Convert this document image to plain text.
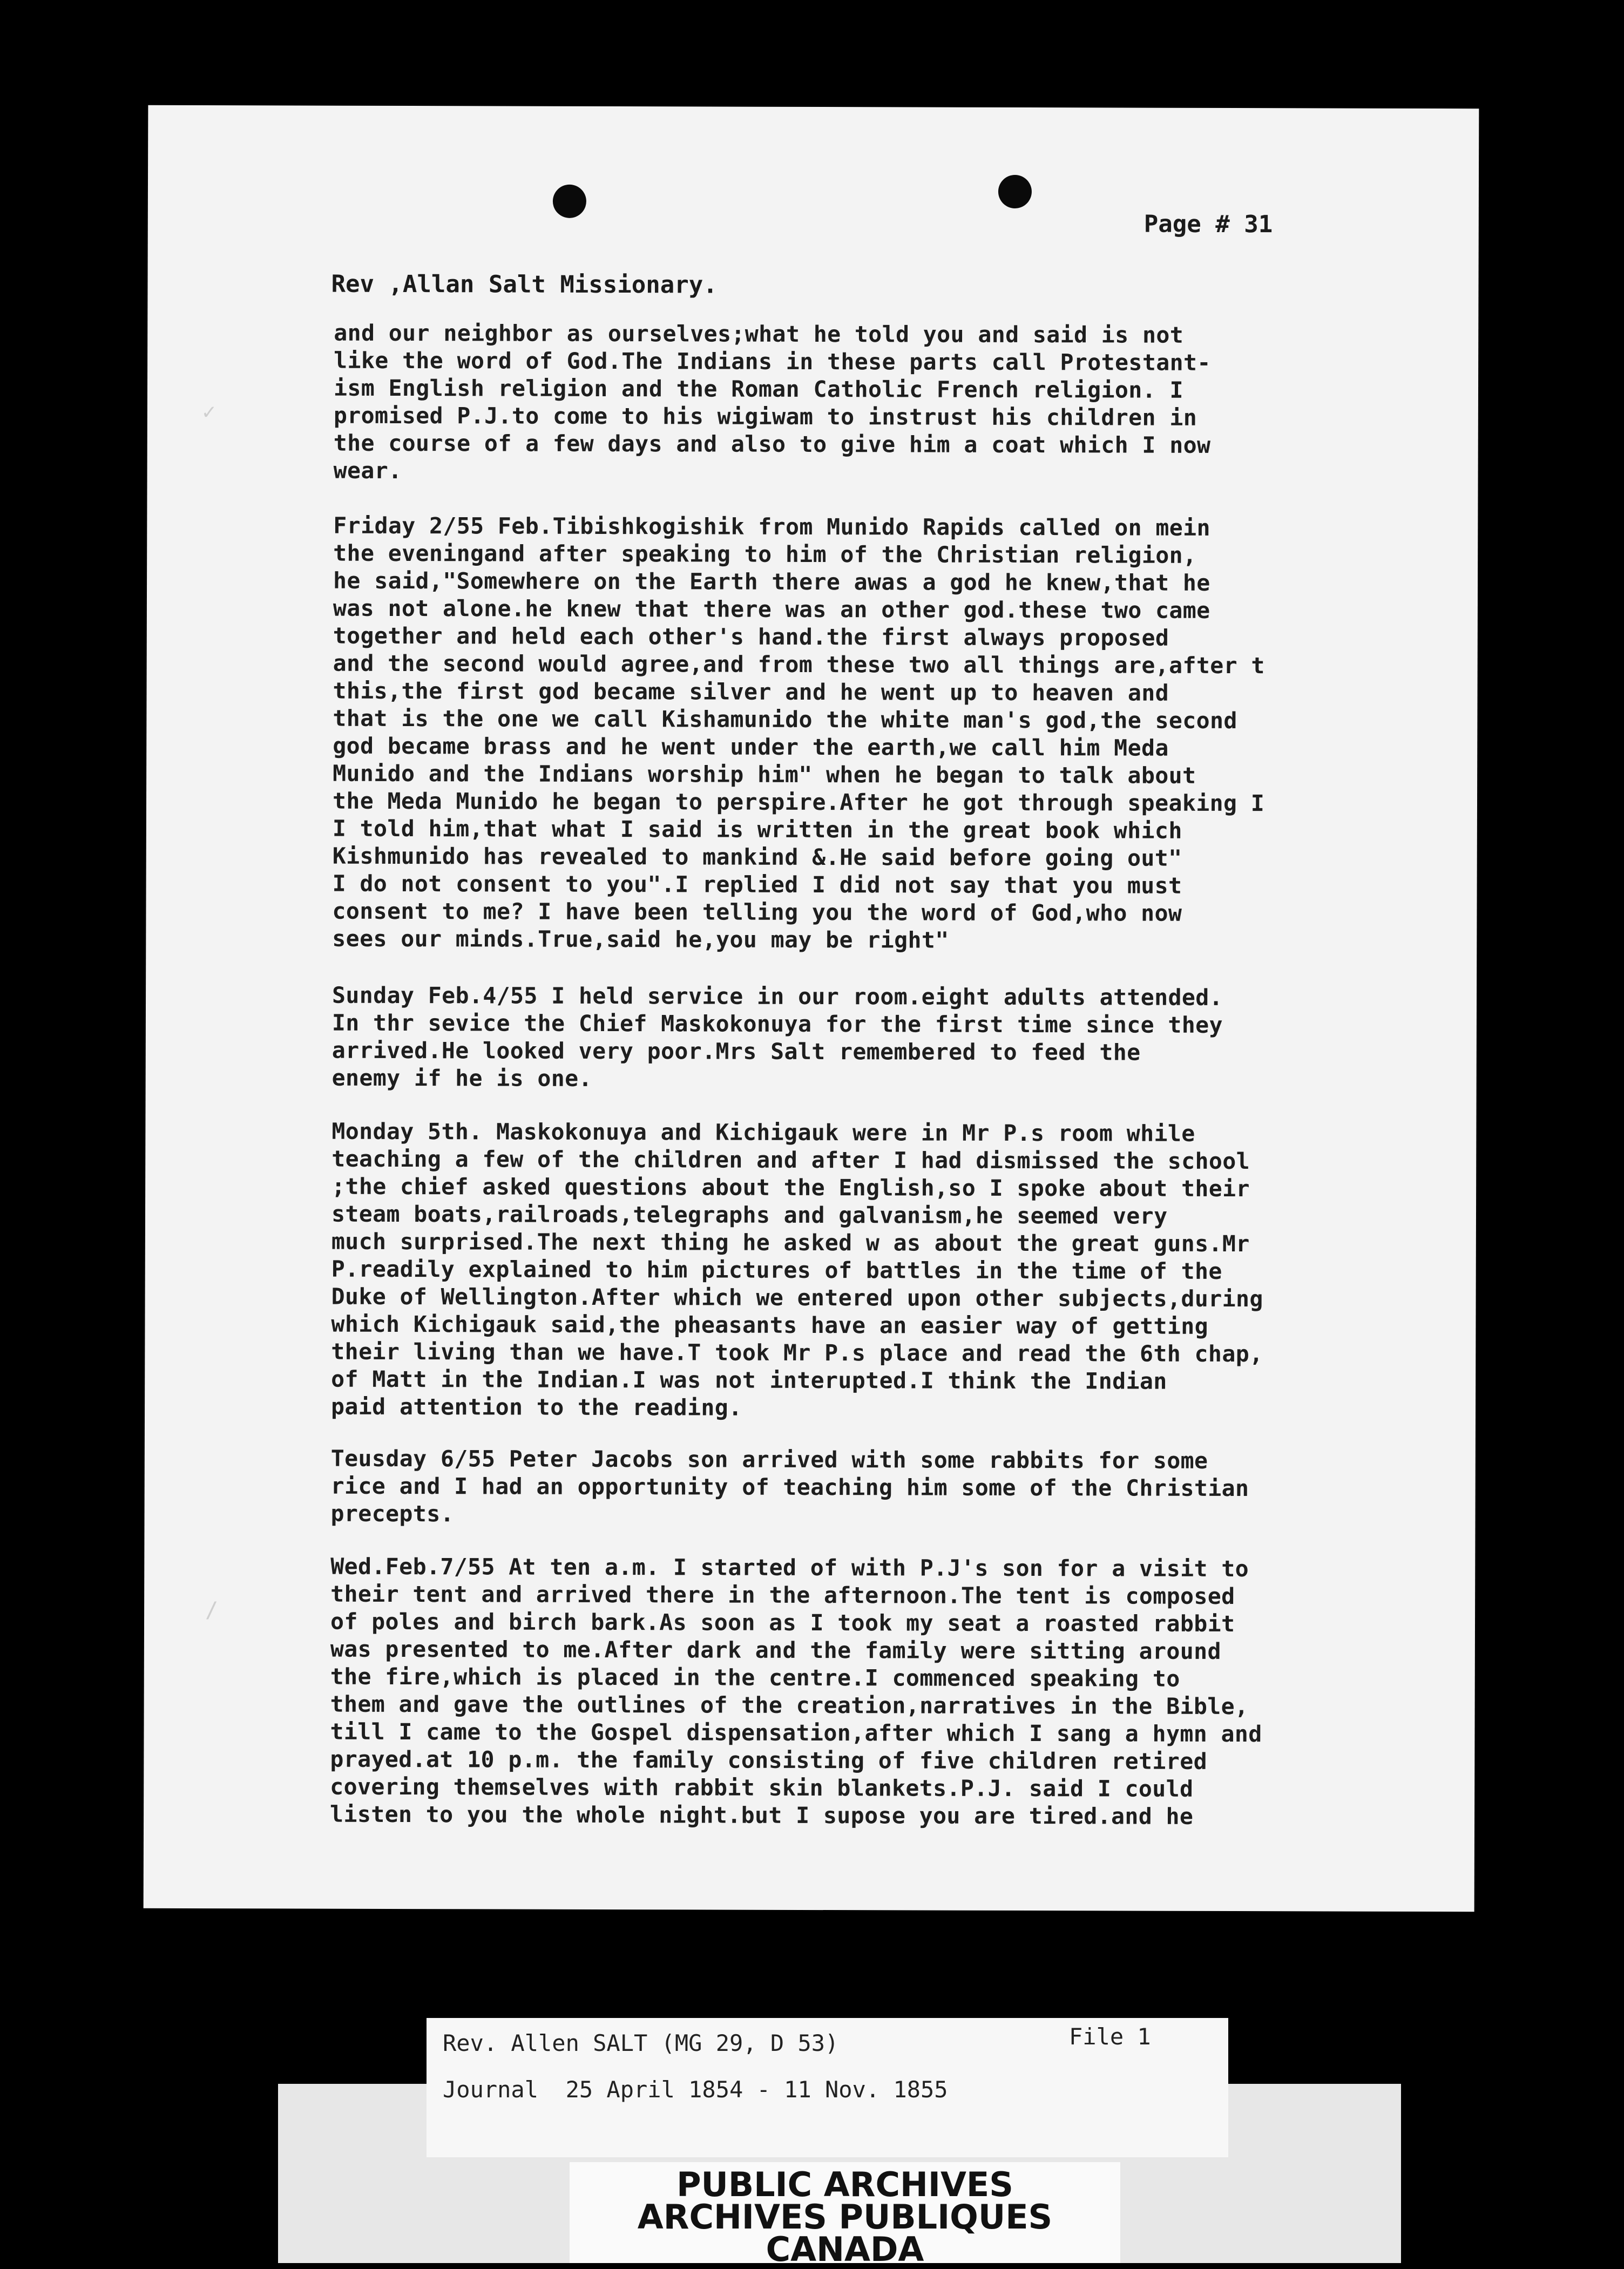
Page # 31
Rev ,Allan Salt Missionary.
and our neighbor as ourselves;what he told you and said is not
like the word of God.The Indians in these parts call Protestant-
ism English religion and the Roman Catholic French religion. I
promised P.J.to come to his wigiwam to instrust his children in
the course of a few days and also to give him a coat which I now
wear.
Friday 2/55 Feb.Tibishkogishik from Munido Rapids called on mein
the eveningand after speaking to him of the Christian religion,
he said,"Somewhere on the Earth there awas a god he knew,that he
was not alone.he knew that there was an other god.these two came
together and held each other's hand.the first always proposed
and the second would agree,and from these two all things are,after t
this,the first god became silver and he went up to heaven and
that is the one we call Kishamunido the white man's god,the second
god became brass and he went under the earth,we call him Meda
Munido and the Indians worship him" when he began to talk about
the Meda Munido he began to perspire.After he got through speaking I
I told him,that what I said is written in the great book which
Kishmunido has revealed to mankind &.He said before going out"
I do not consent to you".I replied I did not say that you must
consent to me? I have been telling you the word of God,who now
sees our minds.True,said he,you may be right"
Sunday Feb.4/55 I held service in our room.eight adults attended.
In thr sevice the Chief Maskokonuya for the first time since they
arrived.He looked very poor.Mrs Salt remembered to feed the
enemy if he is one.
Monday 5th. Maskokonuya and Kichigauk were in Mr P.s room while
teaching a few of the children and after I had dismissed the school
;the chief asked questions about the English,so I spoke about their
steam boats,railroads,telegraphs and galvanism,he seemed very
much surprised.The next thing he asked w as about the great guns.Mr
P.readily explained to him pictures of battles in the time of the
Duke of Wellington.After which we entered upon other subjects,during
which Kichigauk said,the pheasants have an easier way of getting
their living than we have.T took Mr P.s place and read the 6th chap,
of Matt in the Indian.I was not interupted.I think the Indian
paid attention to the reading.
Teusday 6/55 Peter Jacobs son arrived with some rabbits for some
rice and I had an opportunity of teaching him some of the Christian
precepts.
Wed.Feb.7/55 At ten a.m. I started of with P.J's son for a visit to
their tent and arrived there in the afternoon.The tent is composed
of poles and birch bark.As soon as I took my seat a roasted rabbit
was presented to me.After dark and the family were sitting around
the fire,which is placed in the centre.I commenced speaking to
them and gave the outlines of the creation,narratives in the Bible,
till I came to the Gospel dispensation,after which I sang a hymn and
prayed.at 10 p.m. the family consisting of five children retired
covering themselves with rabbit skin blankets.P.J. said I could
listen to you the whole night.but I supose you are tired.and he
✓
/
Rev. Allen SALT (MG 29, D 53)	File 1
Journal  25 April 1854 - 11 Nov. 1855
PUBLIC ARCHIVES
ARCHIVES PUBLIQUES
CANADA
